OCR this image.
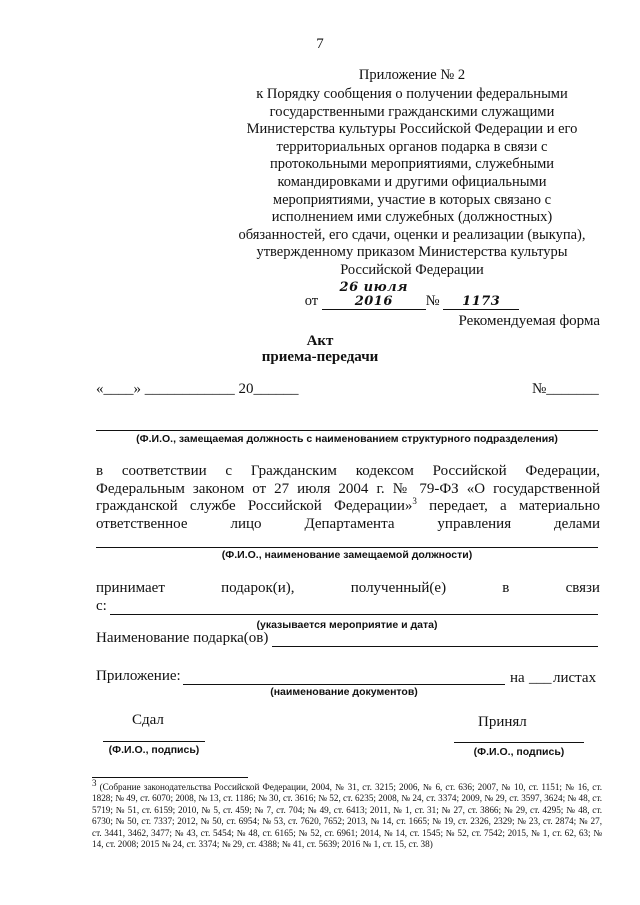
7
Приложение № 2
к Порядку сообщения о получении федеральными
государственными гражданскими служащими
Министерства культуры Российской Федерации и его
территориальных органов подарка в связи с
протокольными мероприятиями, служебными
командировками и другими официальными
мероприятиями, участие в которых связано с
исполнением ими служебных (должностных)
обязанностей, его сдачи, оценки и реализации (выкупа),
утвержденному приказом Министерства культуры
Российской Федерации
от 26 июля 2016 № 1173
Рекомендуемая форма
Акт
приема-передачи
«____» ____________ 20______	№_______
(Ф.И.О., замещаемая должность с наименованием структурного подразделения)
в соответствии с Гражданским кодексом Российской Федерации,
Федеральным законом от 27 июля 2004 г. № 79-ФЗ «О государственной
гражданской службе Российской Федерации»$^3$ передает, а материально
ответственное лицо Департамента управления делами
(Ф.И.О., наименование замещаемой должности)
принимает	подарок(и),	полученный(е)	в	связи
с:
(указывается мероприятие и дата)
Наименование подарка(ов)
Приложение:	на ___ листах
(наименование документов)
Сдал	Принял
(Ф.И.О., подпись)	(Ф.И.О., подпись)
$^3$ (Собрание законодательства Российской Федерации, 2004, № 31, ст. 3215; 2006, № 6, ст. 636; 2007, № 10, ст. 1151; № 16, ст. 1828; № 49, ст. 6070; 2008, № 13, ст. 1186; № 30, ст. 3616; № 52, ст. 6235; 2008, № 24, ст. 3374; 2009, № 29, ст. 3597, 3624; № 48, ст. 5719; № 51, ст. 6159; 2010, № 5, ст. 459; № 7, ст. 704; № 49, ст. 6413; 2011, № 1, ст. 31; № 27, ст. 3866; № 29, ст. 4295; № 48, ст. 6730; № 50, ст. 7337; 2012, № 50, ст. 6954; № 53, ст. 7620, 7652; 2013, № 14, ст. 1665; № 19, ст. 2326, 2329; № 23, ст. 2874; № 27, ст. 3441, 3462, 3477; № 43, ст. 5454; № 48, ст. 6165; № 52, ст. 6961; 2014, № 14, ст. 1545; № 52, ст. 7542; 2015, № 1, ст. 62, 63; № 14, ст. 2008; 2015 № 24, ст. 3374; № 29, ст. 4388; № 41, ст. 5639; 2016 № 1, ст. 15, ст. 38)
